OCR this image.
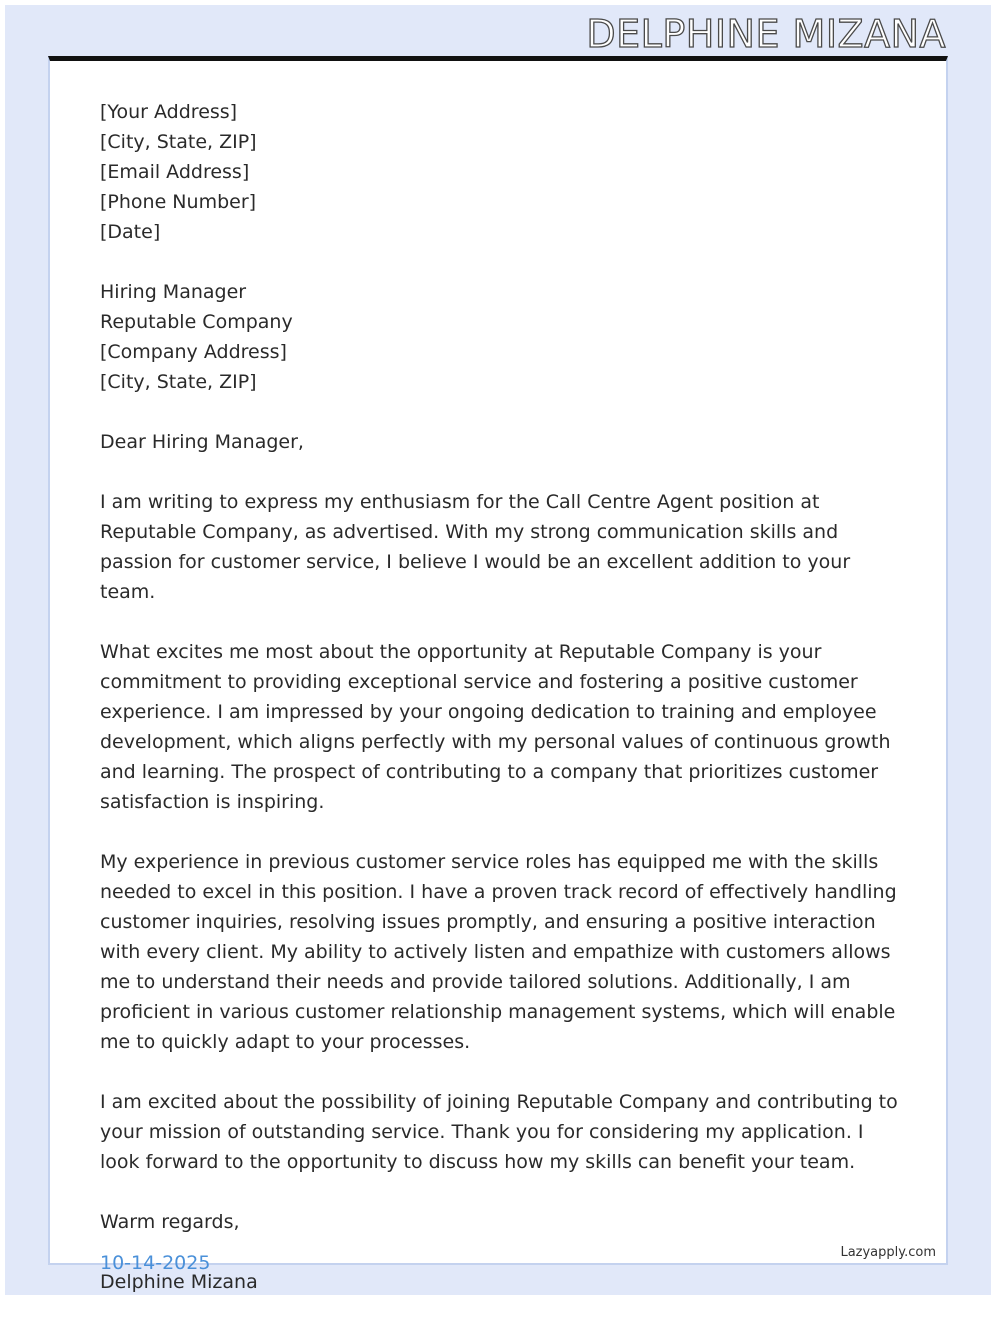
DELPHINE MIZANA
[Your Address]
[City, State, ZIP]
[Email Address]
[Phone Number]
[Date]
Hiring Manager
Reputable Company
[Company Address]
[City, State, ZIP]

Dear Hiring Manager,

I am writing to express my enthusiasm for the Call Centre Agent position at Reputable Company, as advertised. With my strong communication skills and passion for customer service, I believe I would be an excellent addition to your team.

What excites me most about the opportunity at Reputable Company is your commitment to providing exceptional service and fostering a positive customer experience. I am impressed by your ongoing dedication to training and employee development, which aligns perfectly with my personal values of continuous growth and learning. The prospect of contributing to a company that prioritizes customer satisfaction is inspiring.

My experience in previous customer service roles has equipped me with the skills needed to excel in this position. I have a proven track record of effectively handling customer inquiries, resolving issues promptly, and ensuring a positive interaction with every client. My ability to actively listen and empathize with customers allows me to understand their needs and provide tailored solutions. Additionally, I am proficient in various customer relationship management systems, which will enable me to quickly adapt to your processes.

I am excited about the possibility of joining Reputable Company and contributing to your mission of outstanding service. Thank you for considering my application. I look forward to the opportunity to discuss how my skills can benefit your team.

Warm regards,

Delphine Mizana

10-14-2025	Lazyapply.com
